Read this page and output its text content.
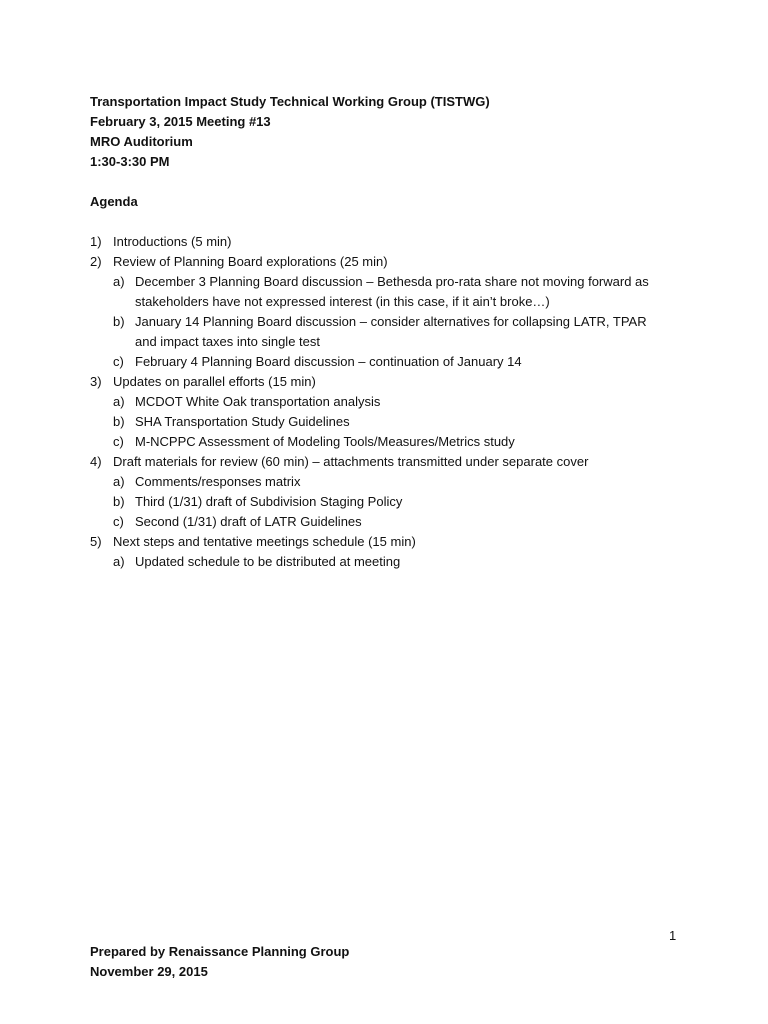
Transportation Impact Study Technical Working Group (TISTWG)
February 3, 2015 Meeting #13
MRO Auditorium
1:30-3:30 PM
Agenda
1) Introductions (5 min)
2) Review of Planning Board explorations (25 min)
a) December 3 Planning Board discussion – Bethesda pro-rata share not moving forward as stakeholders have not expressed interest (in this case, if it ain’t broke…)
b) January 14 Planning Board discussion – consider alternatives for collapsing LATR, TPAR and impact taxes into single test
c) February 4 Planning Board discussion – continuation of January 14
3) Updates on parallel efforts (15 min)
a) MCDOT White Oak transportation analysis
b) SHA Transportation Study Guidelines
c) M-NCPPC Assessment of Modeling Tools/Measures/Metrics study
4) Draft materials for review (60 min) – attachments transmitted under separate cover
a) Comments/responses matrix
b) Third (1/31) draft of Subdivision Staging Policy
c) Second (1/31) draft of LATR Guidelines
5) Next steps and tentative meetings schedule (15 min)
a) Updated schedule to be distributed at meeting
1
Prepared by Renaissance Planning Group
November 29, 2015
